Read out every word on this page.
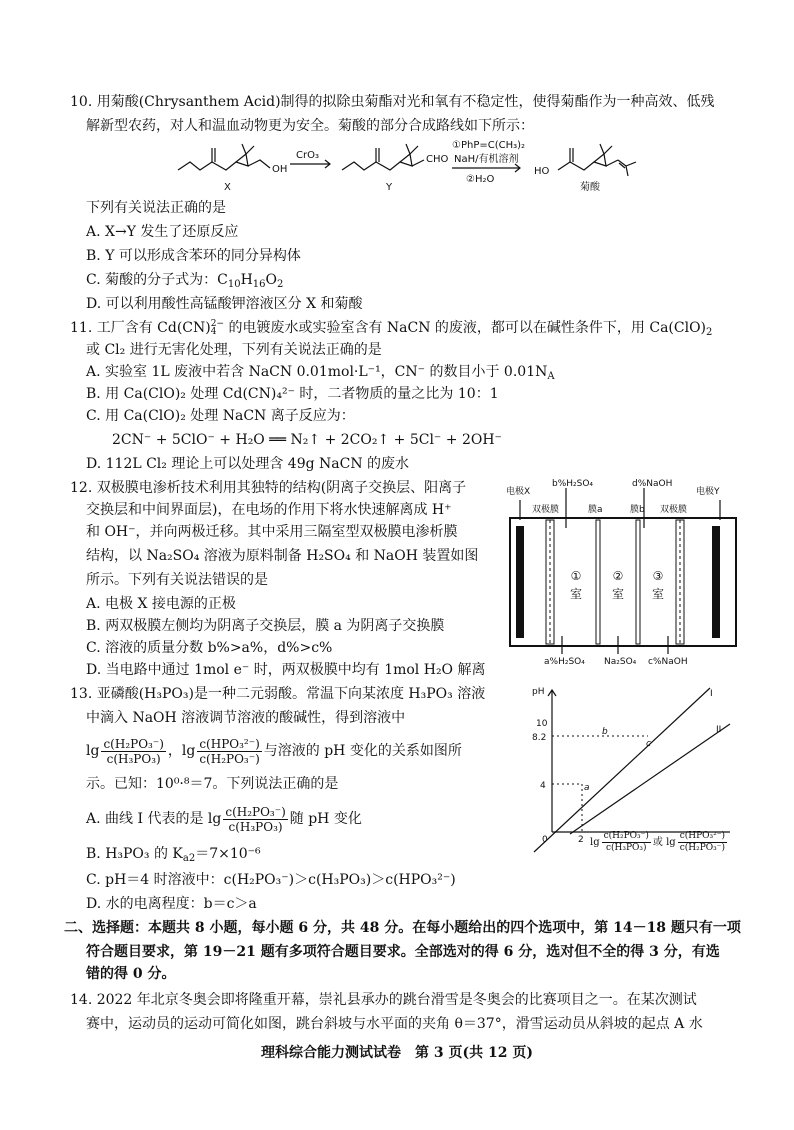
10. 用菊酸(Chrysanthem Acid)制得的拟除虫菊酯对光和氧有不稳定性，使得菊酯作为一种高效、低残
解新型农药，对人和温血动物更为安全。菊酸的部分合成路线如下所示：
X
OH
CrO₃
Y
CHO
①PhP=C(CH₃)₂
NaH/有机溶剂
②H₂O
HO
菊酸
下列有关说法正确的是
A. X→Y 发生了还原反应
B. Y 可以形成含苯环的同分异构体
C. 菊酸的分子式为：$C_{10}H_{16}O_2$
D. 可以利用酸性高锰酸钾溶液区分 X 和菊酸
11. 工厂含有 Cd(CN) 2−
4 的电镀废水或实验室含有 NaCN 的废液，都可以在碱性条件下，用 $Ca(ClO)_2$
或 Cl₂ 进行无害化处理，下列有关说法正确的是
A. 实验室 1L 废液中若含 NaCN 0.01mol·L⁻¹，CN⁻ 的数目小于 $0.01N_A$
B. 用 Ca(ClO)₂ 处理 Cd(CN)₄²⁻ 时，二者物质的量之比为 10：1
C. 用 Ca(ClO)₂ 处理 NaCN 离子反应为：
2CN⁻ + 5ClO⁻ + H₂O ══ N₂↑ + 2CO₂↑ + 5Cl⁻ + 2OH⁻
D. 112L Cl₂ 理论上可以处理含 49g NaCN 的废水
12. 双极膜电渗析技术利用其独特的结构(阴离子交换层、阳离子
交换层和中间界面层)，在电场的作用下将水快速解离成 H⁺
和 OH⁻，并向两极迁移。其中采用三隔室型双极膜电渗析膜
结构，以 Na₂SO₄ 溶液为原料制备 H₂SO₄ 和 NaOH 装置如图
所示。下列有关说法错误的是
A. 电极 X 接电源的正极
B. 两双极膜左侧均为阴离子交换层，膜 a 为阴离子交换膜
C. 溶液的质量分数 b%>a%，d%>c%
D. 当电路中通过 1mol e⁻ 时，两双极膜中均有 1mol H₂O 解离
电极X	电极Y
b%H₂SO₄	d%NaOH
双极膜	膜a	膜b 双极膜
a%H₂SO₄ Na₂SO₄ c%NaOH
①
室
②
室
③
室
13. 亚磷酸(H₃PO₃)是一种二元弱酸。常温下向某浓度 H₃PO₃ 溶液
中滴入 NaOH 溶液调节溶液的酸碱性，得到溶液中
$\lg \frac{\text{c(H₂PO₃⁻)}}{\text{c(H₃PO₃)}}$ ，$\lg \frac{\text{c(HPO₃²⁻)}}{\text{c(H₂PO₃⁻)}}$ 与溶液的 pH 变化的关系如图所
示。已知：10⁰·⁸＝7。下列说法正确的是
A. 曲线 Ⅰ 代表的是 $\lg \frac{\text{c(H₂PO₃⁻)}}{\text{c(H₃PO₃)}}$ 随 pH 变化
B. H₃PO₃ 的 $K_{a2}=7\times 10^{-6}$
C. pH＝4 时溶液中：c(H₂PO₃⁻)＞c(H₃PO₃)＞c(HPO₃²⁻)
D. 水的电离程度：b＝c＞a
pH
10
8.2
4
0	2
I
II
a
b
c
$\lg \frac{\text{c(H₂PO₃⁻)}}{\text{c(H₃PO₃)}}$ 或 $\lg \frac{\text{c(HPO₃²⁻)}}{\text{c(H₂PO₃⁻)}}$
二、选择题：本题共 8 小题，每小题 6 分，共 48 分。在每小题给出的四个选项中，第 14－18 题只有一项
符合题目要求，第 19－21 题有多项符合题目要求。全部选对的得 6 分，选对但不全的得 3 分，有选
错的得 0 分。
14. 2022 年北京冬奥会即将隆重开幕，崇礼县承办的跳台滑雪是冬奥会的比赛项目之一。在某次测试
赛中，运动员的运动可简化如图，跳台斜坡与水平面的夹角 θ＝37°，滑雪运动员从斜坡的起点 A 水
理科综合能力测试试卷　第 3 页(共 12 页)
